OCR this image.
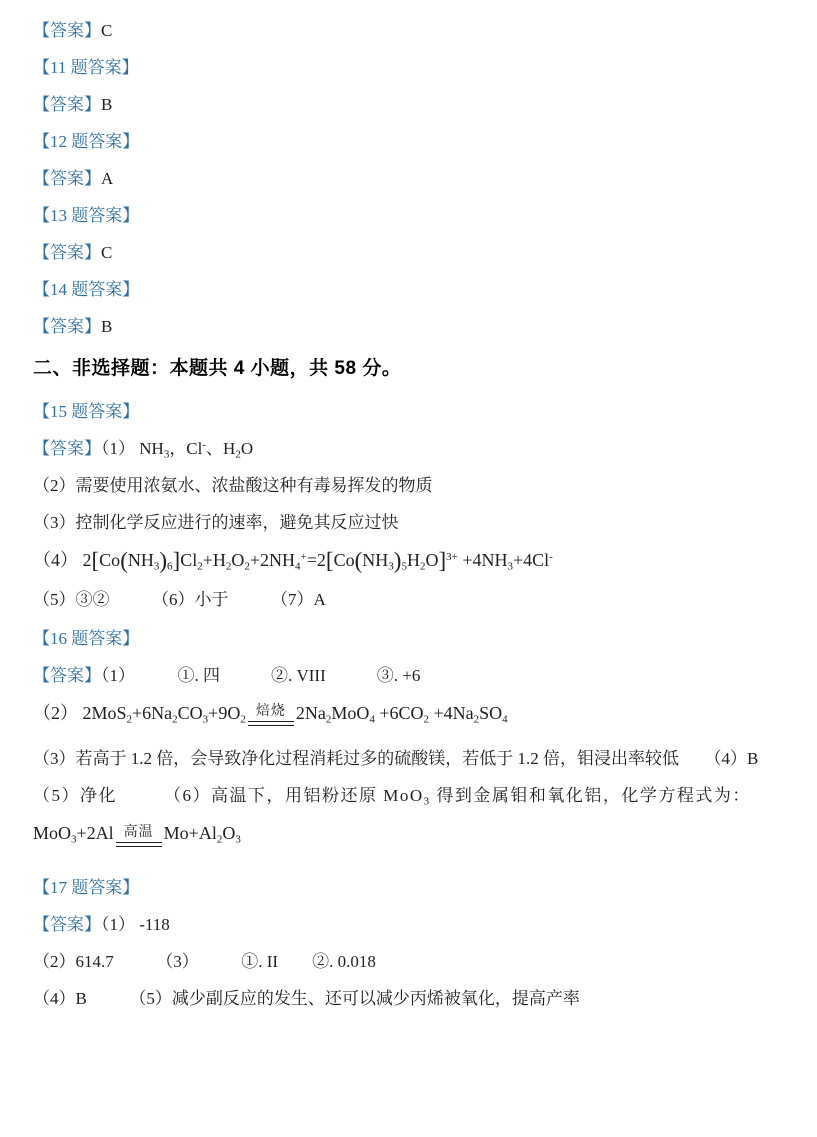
【答案】C
【11 题答案】
【答案】B
【12 题答案】
【答案】A
【13 题答案】
【答案】C
【14 题答案】
【答案】B
二、非选择题：本题共 4 小题，共 58 分。
【15 题答案】
【答案】（1） $NH_3$，Cl-、$H_2O$
（2）需要使用浓氨水、浓盐酸这种有毒易挥发的物质
（3）控制化学反应进行的速率，避免其反应过快
（4） $2[Co(NH_3)_6]Cl_2+H_2O_2+2NH_4^+=2[Co(NH_3)_5H_2O]^{3+} +4NH_3+4Cl^-$
（5）③②　　　（6）小于　　　（7）A
【16 题答案】
【答案】（1）　　　①. 四　　　②. VIII　　　③. +6
（2） $2MoS_2+6Na_2CO_3+9O_2$ 焙烧 $2Na_2MoO_4 +6CO_2 +4Na_2SO_4$
（3）若高于 1.2 倍，会导致净化过程消耗过多的硫酸镁，若低于 1.2 倍，钼浸出率较低　　（4）B
（5）净化　　　（6）高温下，用铝粉还原 MoO$_3$ 得到金属钼和氧化铝，化学方程式为：
MoO$_3$+2Al 高温 $Mo+Al_2O_3$
【17 题答案】
【答案】（1） -118
（2）614.7　　　（3）　　　①. II　　②. 0.018
（4）B　　　（5）减少副反应的发生、还可以减少丙烯被氧化，提高产率
